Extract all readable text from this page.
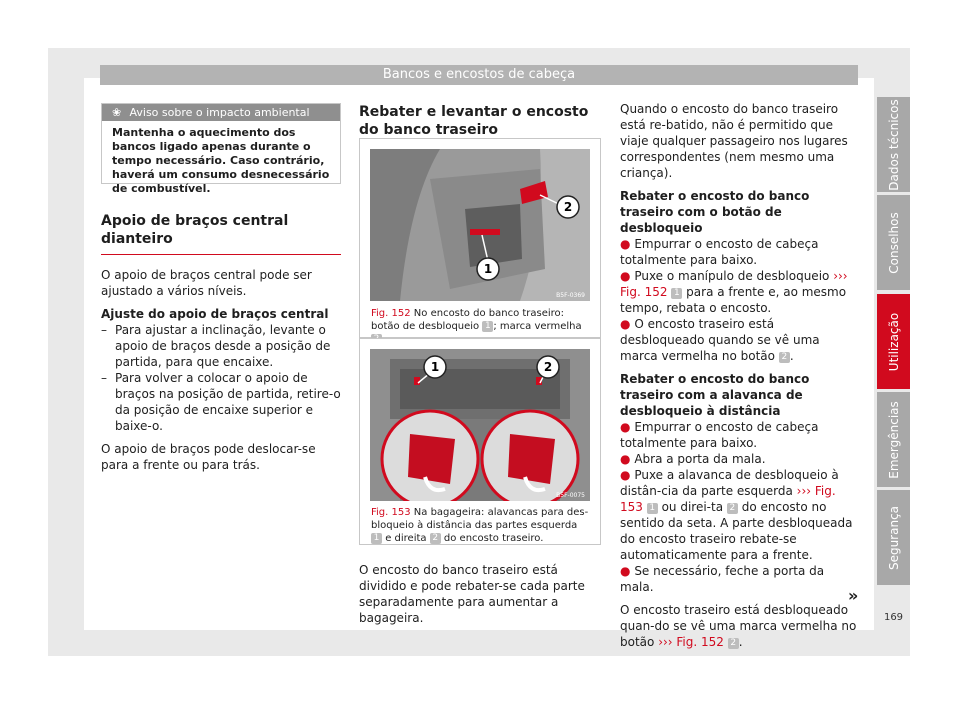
Bancos e encostos de cabeça
Dados técnicos
Conselhos
Utilização
Emergências
Segurança
❀ Aviso sobre o impacto ambiental
Mantenha o aquecimento dos bancos ligado apenas durante o tempo necessário. Caso contrário, haverá um consumo desnecessário de combustível.
Apoio de braços central dianteiro

O apoio de braços central pode ser ajustado a vários níveis.

Ajuste do apoio de braços central
– Para ajustar a inclinação, levante o apoio de braços desde a posição de partida, para que encaixe.
– Para volver a colocar o apoio de braços na posição de partida, retire-o da posição de encaixe superior e baixe-o.

O apoio de braços pode deslocar-se para a frente ou para trás.

Rebater e levantar o encosto do banco traseiro
1
2
B5F-0369
Fig. 152 No encosto do banco traseiro: botão de desbloqueio 1 ; marca vermelha
1	2
B5F-0075
Fig. 153 Na bagageira: alavancas para des-bloqueio à distância das partes esquerda 1 e direita 2 do encosto traseiro.
O encosto do banco traseiro está dividido e pode rebater-se cada parte separadamente para aumentar a bagageira.

Quando o encosto do banco traseiro está re-batido, não é permitido que viaje qualquer passageiro nos lugares correspondentes (nem mesmo uma criança).

Rebater o encosto do banco traseiro com o botão de desbloqueio
● Empurrar o encosto de cabeça totalmente para baixo.
● Puxe o manípulo de desbloqueio ››› Fig. 152 1 para a frente e, ao mesmo tempo, rebata o encosto.
● O encosto traseiro está desbloqueado quando se vê uma marca vermelha no botão 2 .
Rebater o encosto do banco traseiro com a alavanca de desbloqueio à distância
● Empurrar o encosto de cabeça totalmente para baixo.
● Abra a porta da mala.
● Puxe a alavanca de desbloqueio à distân-cia da parte esquerda ››› Fig. 153 1 ou direi-ta 2 do encosto no sentido da seta. A parte desbloqueada do encosto traseiro rebate-se automaticamente para a frente.
● Se necessário, feche a porta da mala.

O encosto traseiro está desbloqueado quan-do se vê uma marca vermelha no botão ››› Fig. 152 2 .

»
169
